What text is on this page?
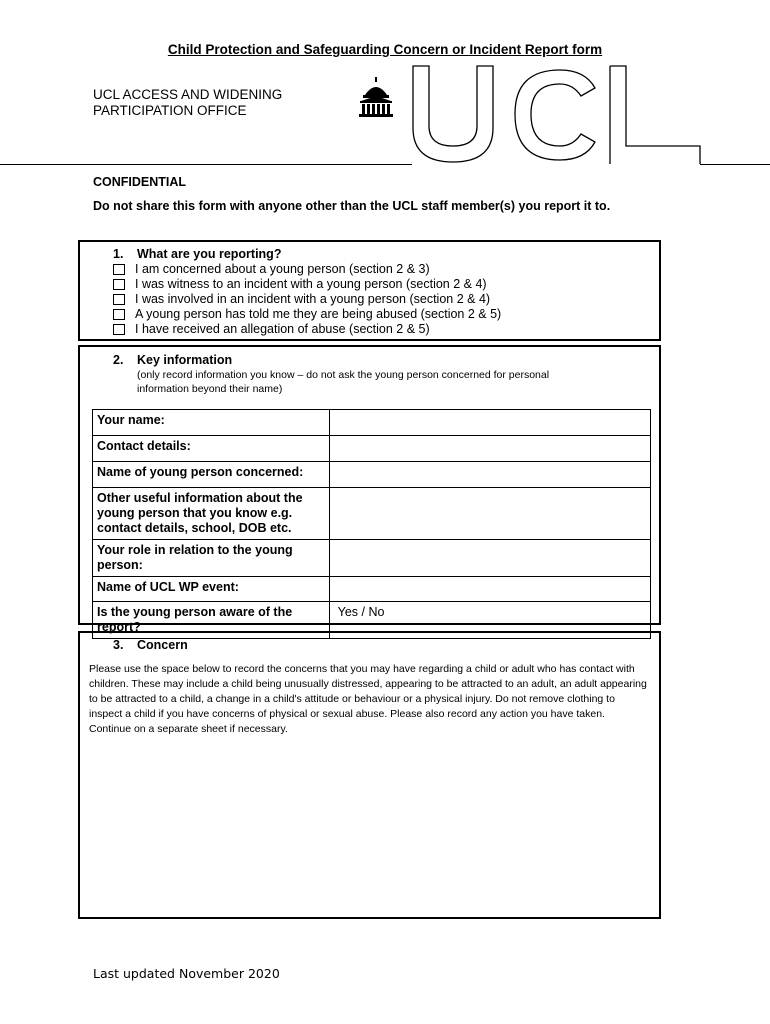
Child Protection and Safeguarding Concern or Incident Report form
UCL ACCESS AND WIDENING
PARTICIPATION OFFICE
CONFIDENTIAL
Do not share this form with anyone other than the UCL staff member(s) you report it to.
1. What are you reporting?
I am concerned about a young person (section 2 & 3)
I was witness to an incident with a young person (section 2 & 4)
I was involved in an incident with a young person (section 2 & 4)
A young person has told me they are being abused (section 2 & 5)
I have received an allegation of abuse (section 2 & 5)
2. Key information
(only record information you know – do not ask the young person concerned for personal
information beyond their name)
Your name:	
Contact details:	
Name of young person concerned:	
Other useful information about the young person that you know e.g. contact details, school, DOB etc.	
Your role in relation to the young person:	
Name of UCL WP event:	
Is the young person aware of the report?	Yes / No
3. Concern
Please use the space below to record the concerns that you may have regarding a child or adult who has contact with children. These may include a child being unusually distressed, appearing to be attracted to an adult, an adult appearing to be attracted to a child, a change in a child's attitude or behaviour or a physical injury. Do not remove clothing to inspect a child if you have concerns of physical or sexual abuse. Please also record any action you have taken. Continue on a separate sheet if necessary.
Last updated November 2020
